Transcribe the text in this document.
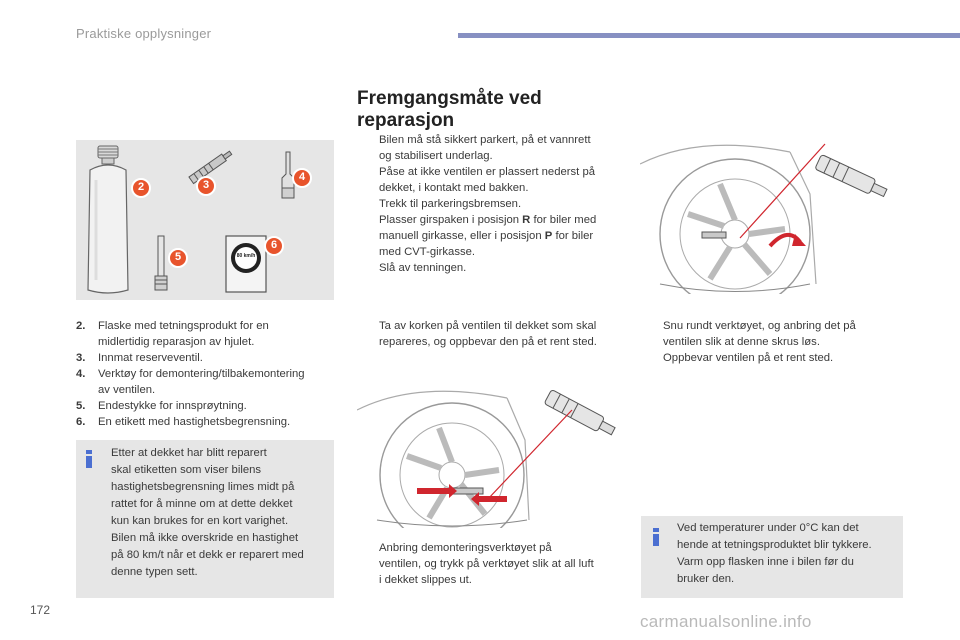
Praktiske opplysninger
Fremgangsmåte ved reparasjon
Bilen må stå sikkert parkert, på et vannrett
og stabilisert underlag.
Påse at ikke ventilen er plassert nederst på
dekket, i kontakt med bakken.
Trekk til parkeringsbremsen.
Plasser girspaken i posisjon R for biler med
manuell girkasse, eller i posisjon P for biler
med CVT-girkasse.
Slå av tenningen.
2	3
4
5
6
80 km/h
2. Flaske med tetningsprodukt for en
midlertidig reparasjon av hjulet.
3. Innmat reserveventil.
4. Verktøy for demontering/tilbakemontering
av ventilen.
5. Endestykke for innsprøytning.
6. En etikett med hastighetsbegrensning.
Etter at dekket har blitt reparert
skal etiketten som viser bilens
hastighetsbegrensning limes midt på
rattet for å minne om at dette dekket
kun kan brukes for en kort varighet.
Bilen må ikke overskride en hastighet
på 80 km/t når et dekk er reparert med
denne typen sett.
Ta av korken på ventilen til dekket som skal
repareres, og oppbevar den på et rent sted.
Snu rundt verktøyet, og anbring det på
ventilen slik at denne skrus løs.
Oppbevar ventilen på et rent sted.
Anbring demonteringsverktøyet på
ventilen, og trykk på verktøyet slik at all luft
i dekket slippes ut.
Ved temperaturer under 0°C kan det
hende at tetningsproduktet blir tykkere.
Varm opp flasken inne i bilen før du
bruker den.
172
carmanualsonline.info
